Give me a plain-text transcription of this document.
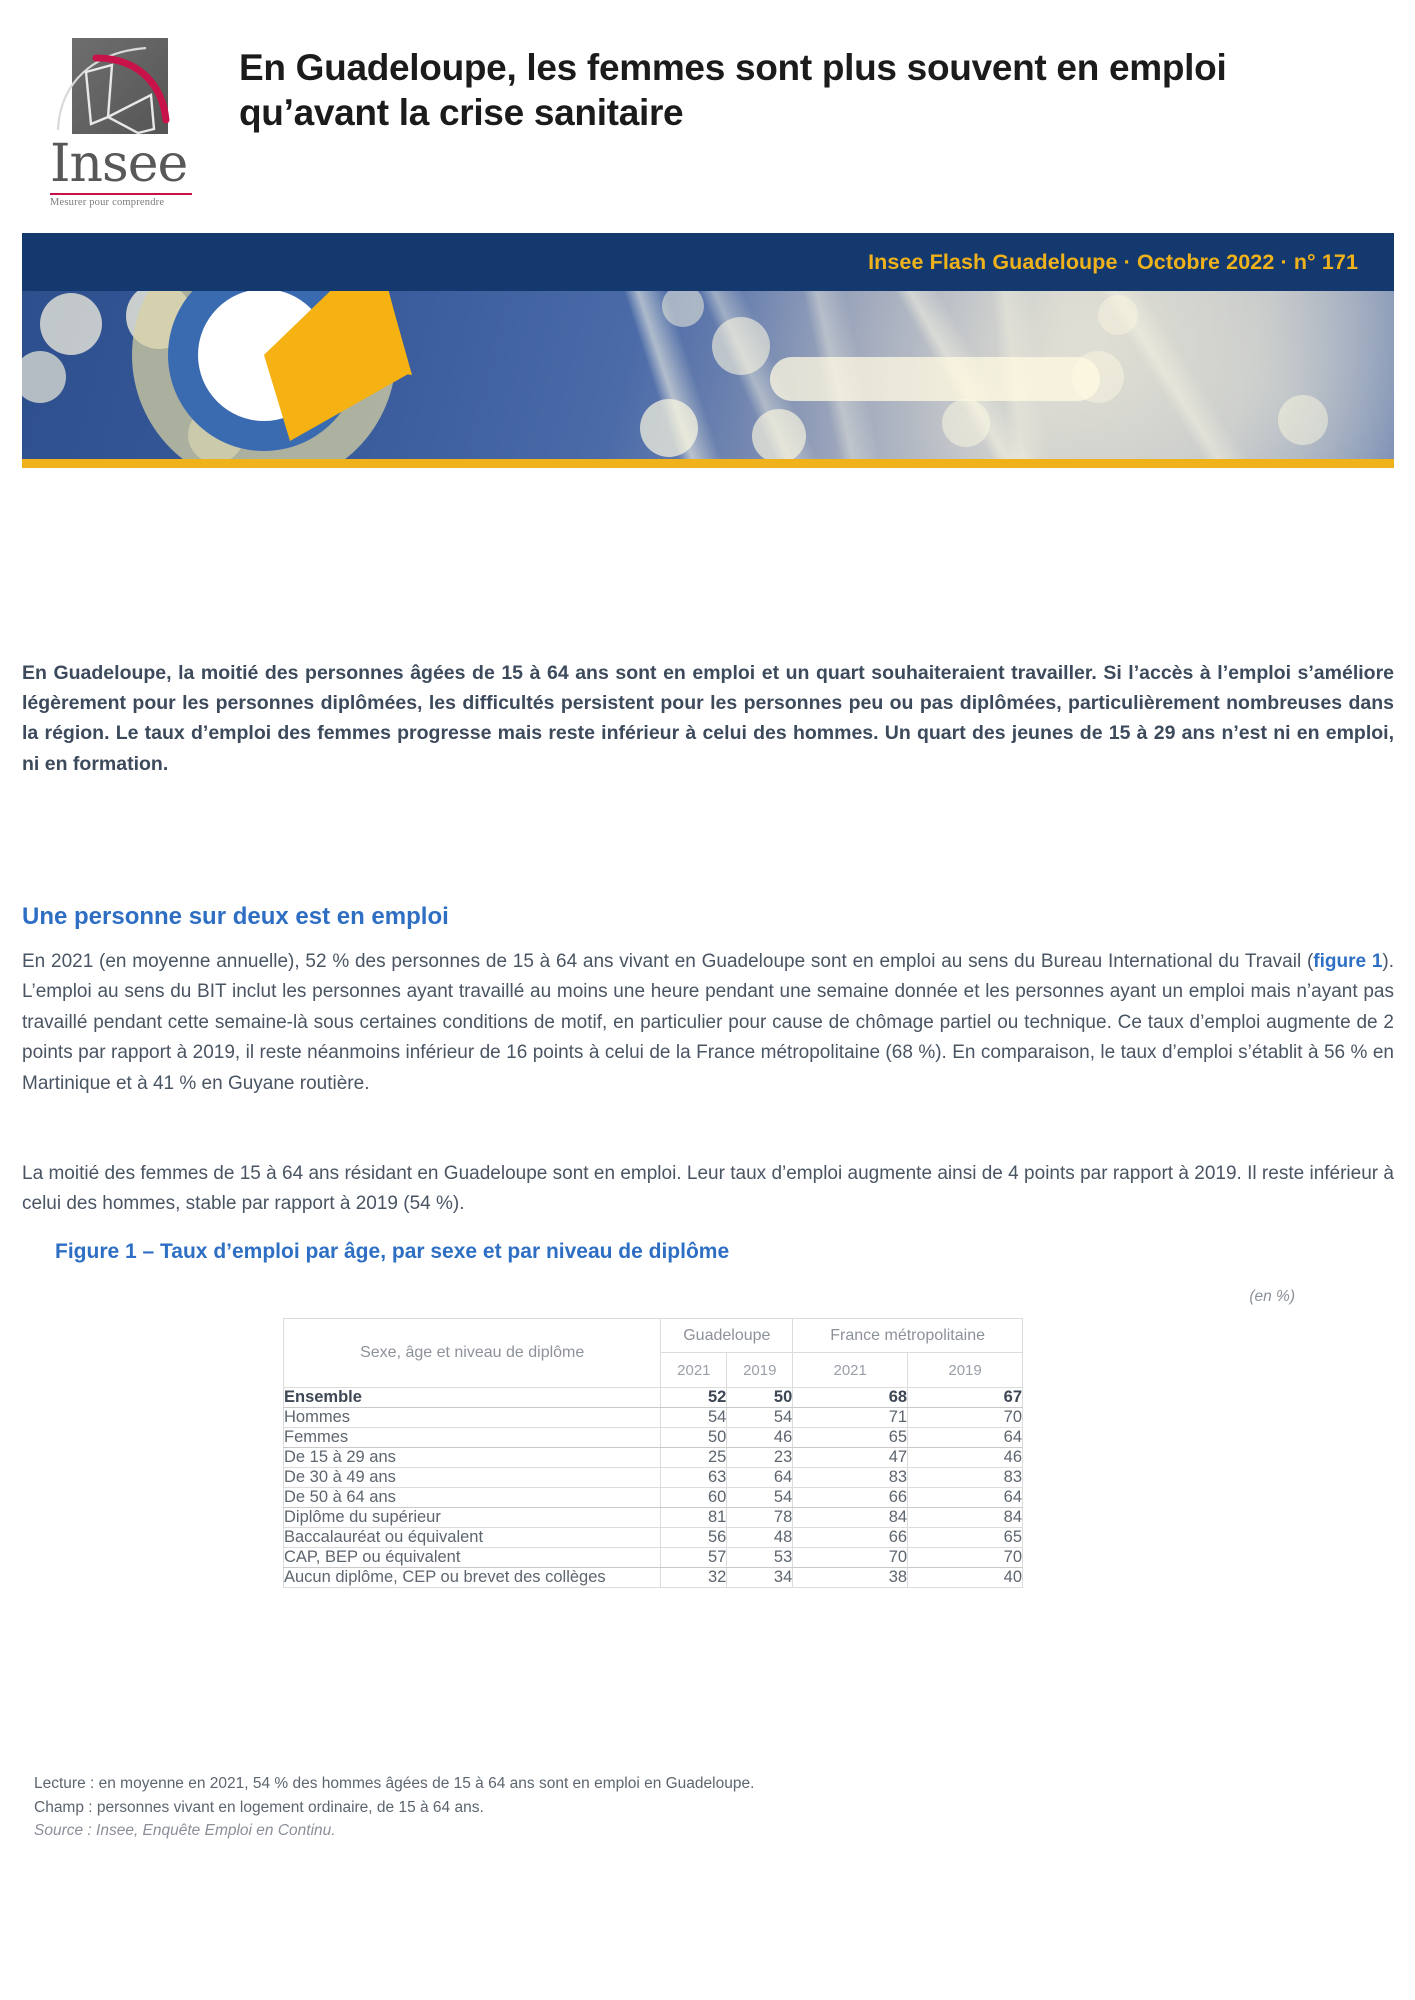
Insee
Mesurer pour comprendre
En Guadeloupe, les femmes sont plus souvent en emploi qu’avant la crise sanitaire
Insee Flash Guadeloupe · Octobre 2022 · n° 171

En Guadeloupe, la moitié des personnes âgées de 15 à 64 ans sont en emploi et un quart souhaiteraient travailler. Si l’accès à l’emploi s’améliore légèrement pour les personnes diplômées, les difficultés persistent pour les personnes peu ou pas diplômées, particulièrement nombreuses dans la région. Le taux d’emploi des femmes progresse mais reste inférieur à celui des hommes. Un quart des jeunes de 15 à 29 ans n’est ni en emploi, ni en formation.

Une personne sur deux est en emploi

En 2021 (en moyenne annuelle), 52 % des personnes de 15 à 64 ans vivant en Guadeloupe sont en emploi au sens du Bureau International du Travail (figure 1). L’emploi au sens du BIT inclut les personnes ayant travaillé au moins une heure pendant une semaine donnée et les personnes ayant un emploi mais n’ayant pas travaillé pendant cette semaine-là sous certaines conditions de motif, en particulier pour cause de chômage partiel ou technique. Ce taux d’emploi augmente de 2 points par rapport à 2019, il reste néanmoins inférieur de 16 points à celui de la France métropolitaine (68 %). En comparaison, le taux d’emploi s’établit à 56 % en Martinique et à 41 % en Guyane routière.

La moitié des femmes de 15 à 64 ans résidant en Guadeloupe sont en emploi. Leur taux d’emploi augmente ainsi de 4 points par rapport à 2019. Il reste inférieur à celui des hommes, stable par rapport à 2019 (54 %).

Figure 1 – Taux d’emploi par âge, par sexe et par niveau de diplôme
(en %)
Sexe, âge et niveau de diplôme	Guadeloupe		France métropolitaine	
	2021	2019	2021	2019
Ensemble	52	50	68	67
Hommes	54	54	71	70
Femmes	50	46	65	64
De 15 à 29 ans	25	23	47	46
De 30 à 49 ans	63	64	83	83
De 50 à 64 ans	60	54	66	64
Diplôme du supérieur	81	78	84	84
Baccalauréat ou équivalent	56	48	66	65
CAP, BEP ou équivalent	57	53	70	70
Aucun diplôme, CEP ou brevet des collèges	32	34	38	40
Lecture : en moyenne en 2021, 54 % des hommes âgées de 15 à 64 ans sont en emploi en Guadeloupe.
Champ : personnes vivant en logement ordinaire, de 15 à 64 ans.
Source : Insee, Enquête Emploi en Continu.
